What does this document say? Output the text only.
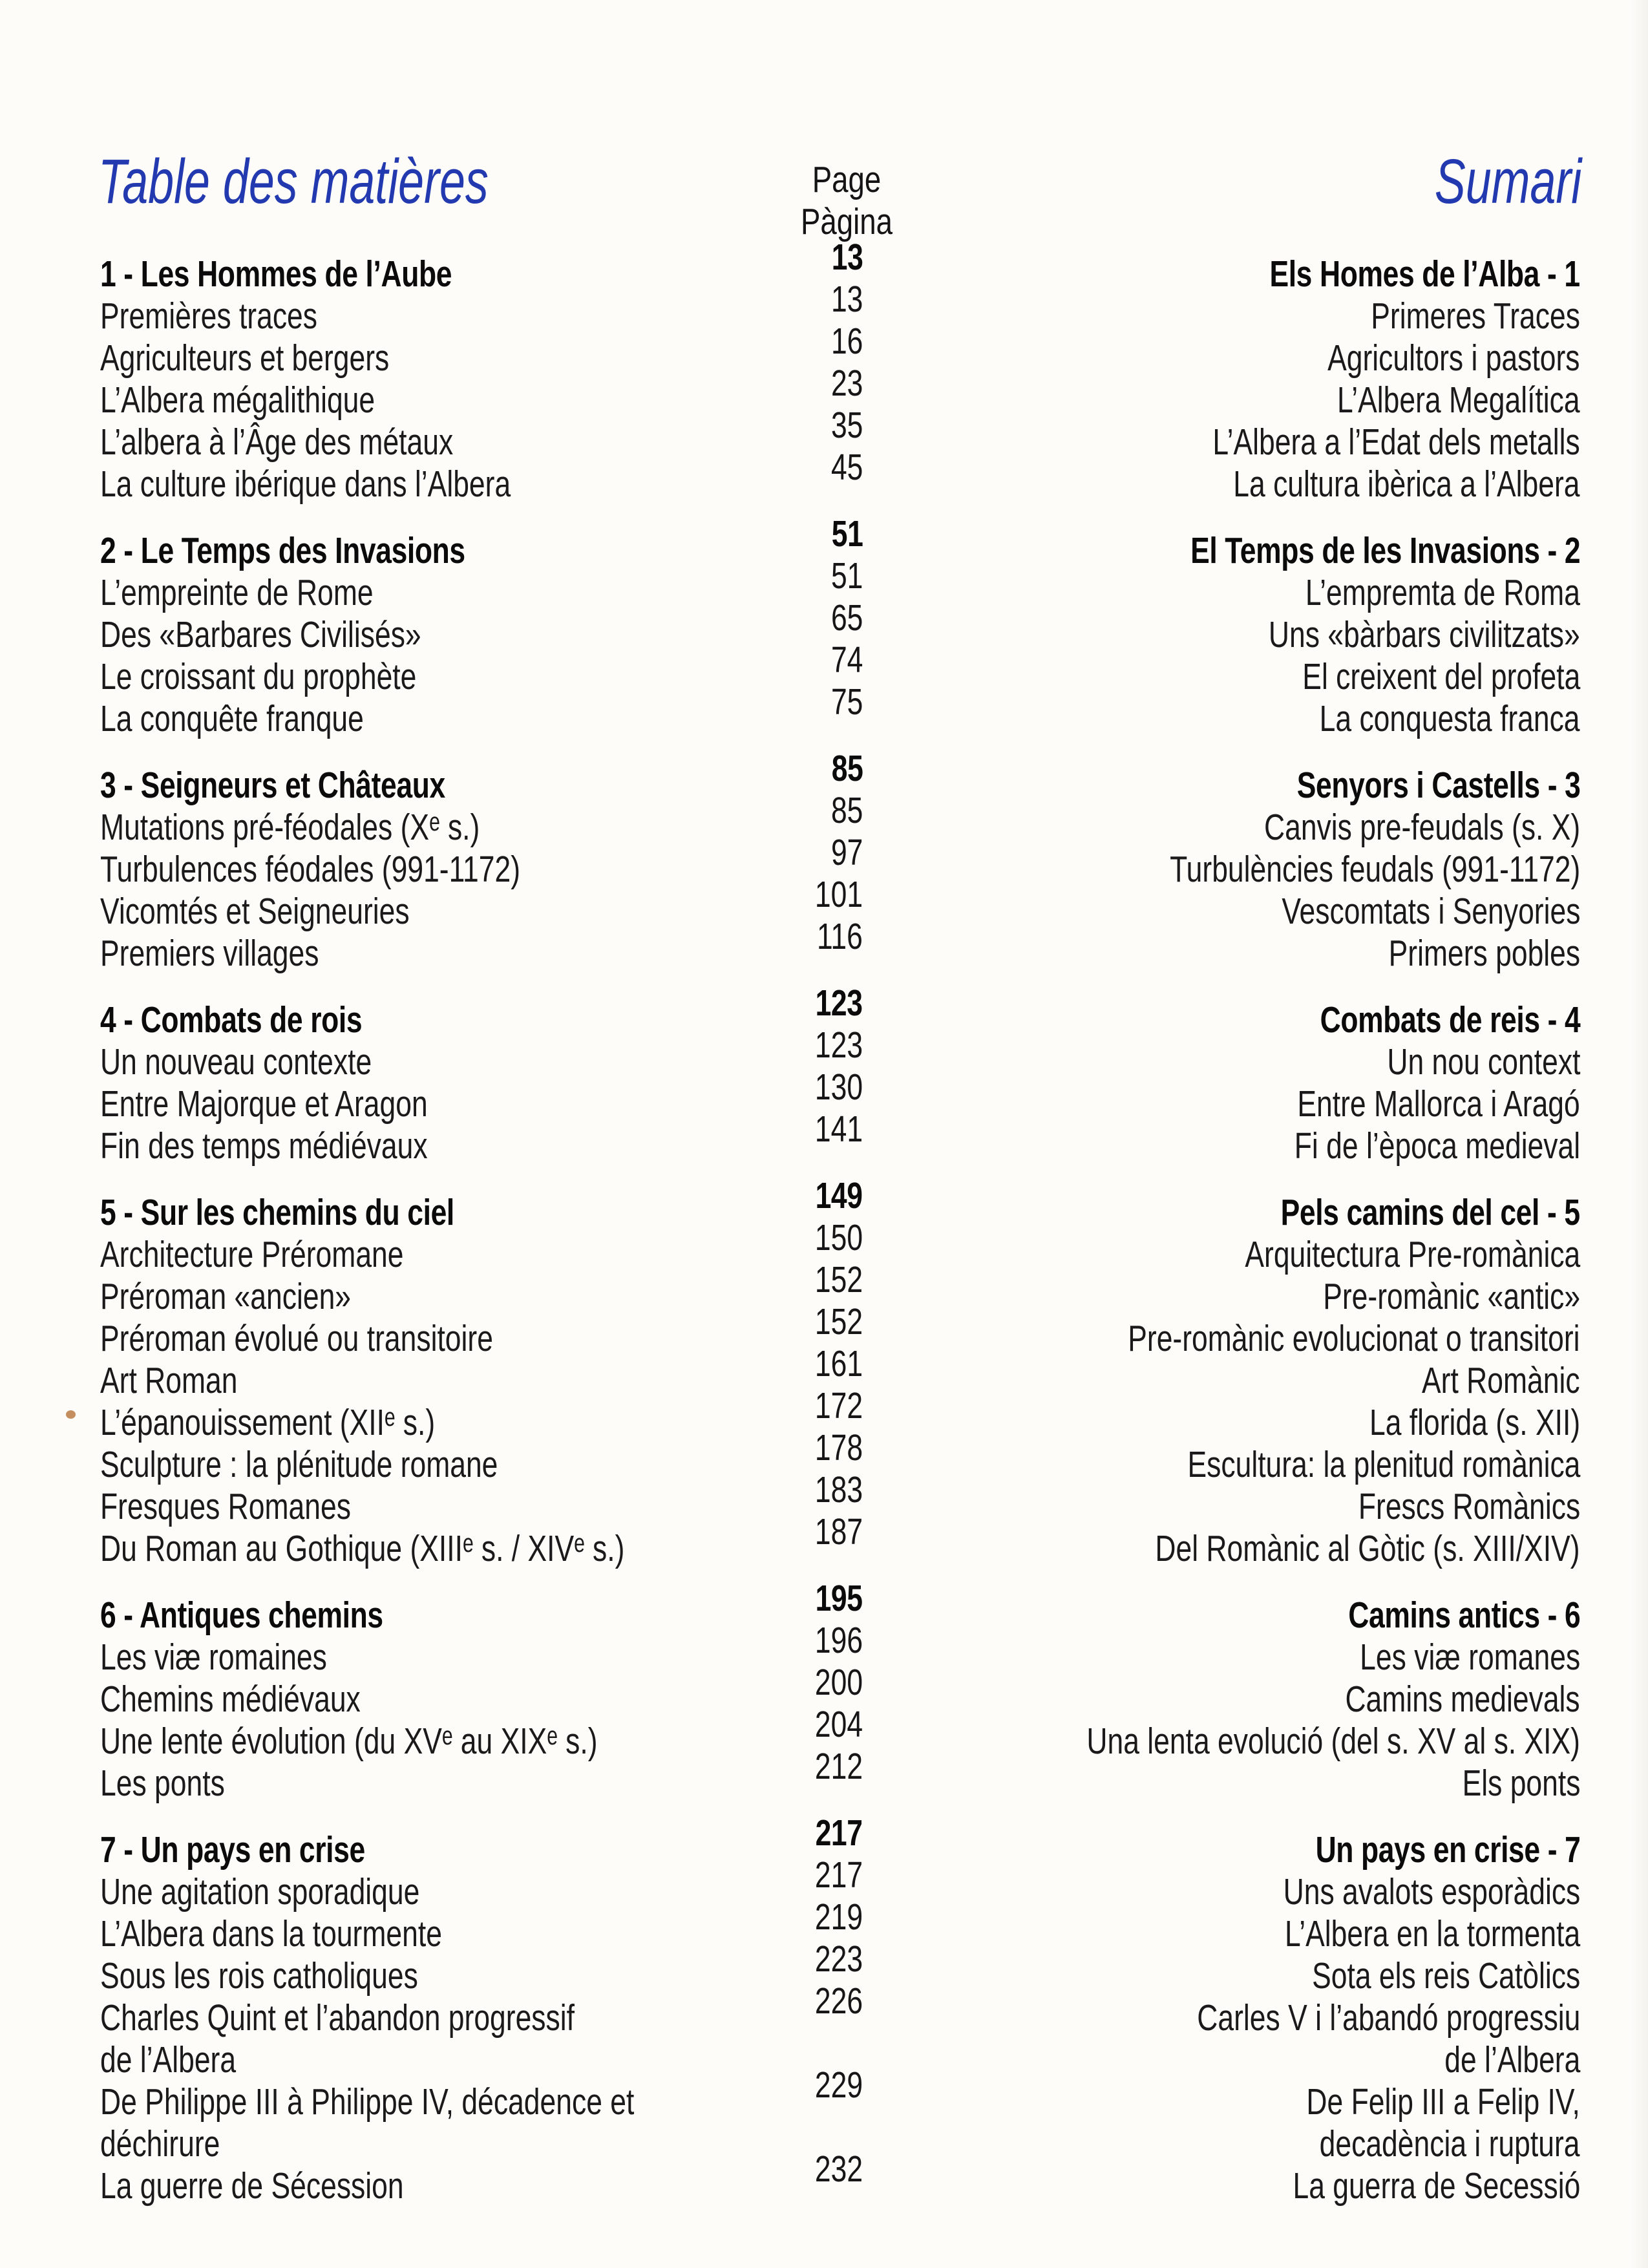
Table des matières	Page
Pàgina
Sumari
1 - Les Hommes de l’Aube	13	Els Homes de l’Alba - 1
Premières traces	13	Primeres Traces
Agriculteurs et bergers	16	Agricultors i pastors
L’Albera mégalithique	23	L’Albera Megalítica
L’albera à l’Âge des métaux	35	L’Albera a l’Edat dels metalls
La culture ibérique dans l’Albera	45	La cultura ibèrica a l’Albera
2 - Le Temps des Invasions	51	El Temps de les Invasions - 2
L’empreinte de Rome	51	L’empremta de Roma
Des «Barbares Civilisés»	65	Uns «bàrbars civilitzats»
Le croissant du prophète	74	El creixent del profeta
La conquête franque	75	La conquesta franca
3 - Seigneurs et Châteaux	85	Senyors i Castells - 3
Mutations pré-féodales (Xᵉ s.)	85	Canvis pre-feudals (s. X)
Turbulences féodales (991-1172)	97	Turbulències feudals (991-1172)
Vicomtés et Seigneuries	101	Vescomtats i Senyories
Premiers villages	116	Primers pobles
4 - Combats de rois	123	Combats de reis - 4
Un nouveau contexte	123	Un nou context
Entre Majorque et Aragon	130	Entre Mallorca i Aragó
Fin des temps médiévaux	141	Fi de l’època medieval
5 - Sur les chemins du ciel	149	Pels camins del cel - 5
Architecture Préromane	150	Arquitectura Pre-romànica
Préroman «ancien»	152	Pre-romànic «antic»
Préroman évolué ou transitoire	152	Pre-romànic evolucionat o transitori
Art Roman	161	Art Romànic
L’épanouissement (XIIᵉ s.)	172	La florida (s. XII)
Sculpture : la plénitude romane	178	Escultura: la plenitud romànica
Fresques Romanes	183	Frescs Romànics
Du Roman au Gothique (XIIIᵉ s. / XIVᵉ s.)	187	Del Romànic al Gòtic (s. XIII/XIV)
6 - Antiques chemins	195	Camins antics - 6
Les viæ romaines	196	Les viæ romanes
Chemins médiévaux	200	Camins medievals
Une lente évolution (du XVᵉ au XIXᵉ s.)	204	Una lenta evolució (del s. XV al s. XIX)
Les ponts	212	Els ponts
7 - Un pays en crise	217	Un pays en crise - 7
Une agitation sporadique	217	Uns avalots esporàdics
L’Albera dans la tourmente	219	L’Albera en la tormenta
Sous les rois catholiques	223	Sota els reis Catòlics
Charles Quint et l’abandon progressif	226	Carles V i l’abandó progressiu
de l’Albera	de l’Albera
De Philippe III à Philippe IV, décadence et	229	De Felip III a Felip IV,
déchirure	decadència i ruptura
La guerre de Sécession	232	La guerra de Secessió
